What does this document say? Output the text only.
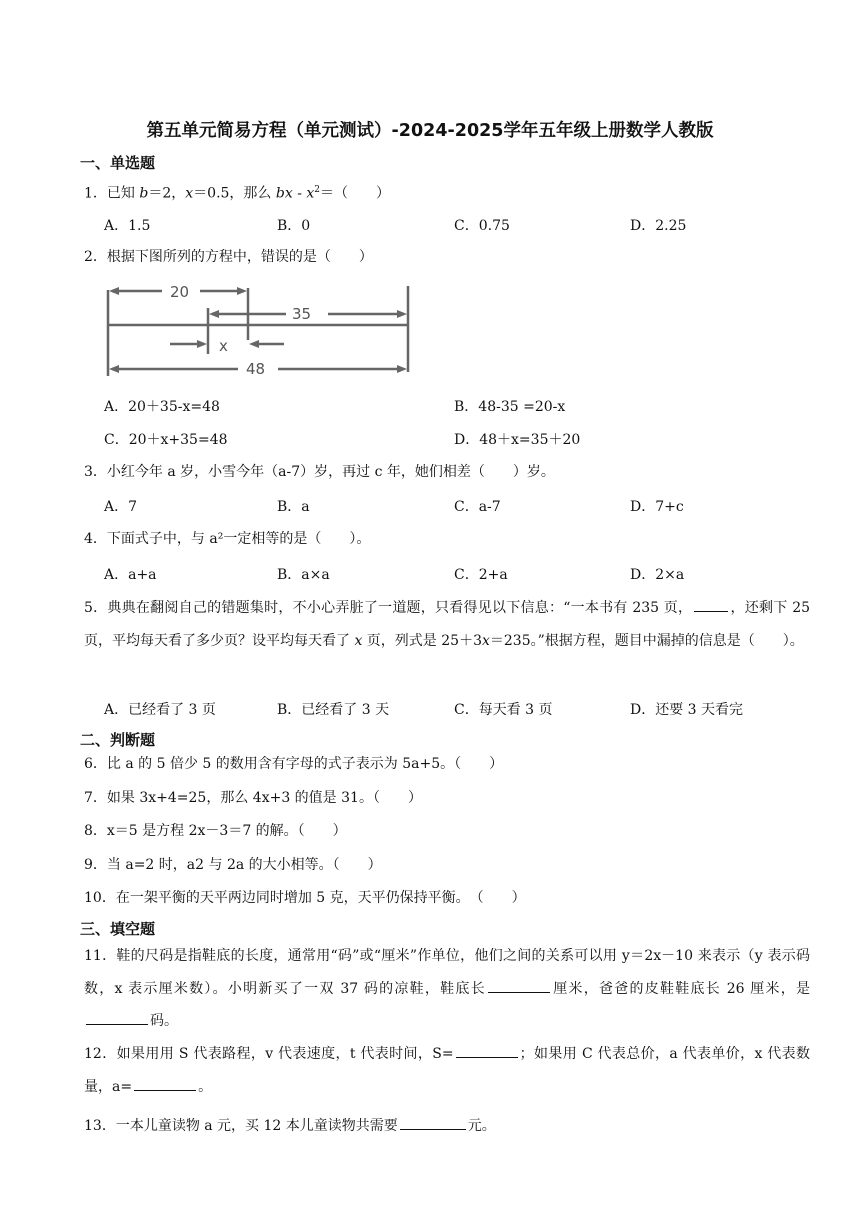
第五单元简易方程（单元测试）-2024-2025学年五年级上册数学人教版
一、单选题
1．已知 b＝2，x＝0.5，那么 bx - $x^2=$（　　）
A．1.5	B．0	C．0.75	D．2.25
2．根据下图所列的方程中，错误的是（　　）
20
35
x
48
A．20＋35-x=48	B．48-35 =20-x
C．20＋x+35=48	D．48＋x=35＋20
3．小红今年 a 岁，小雪今年（a-7）岁，再过 c 年，她们相差（　　）岁。
A．7	B．a	C．a-7	D．7+c
4．下面式子中，与 a²一定相等的是（　　）。
A．a+a	B．a×a	C．2+a	D．2×a
5．典典在翻阅自己的错题集时，不小心弄脏了一道题，只看得见以下信息：“一本书有 235 页，	，还剩下 25 页，平均每天看了多少页？设平均每天看了 x 页，列式是 25＋3x＝235。”根据方程，题目中漏掉的信息是（　　）。
A．已经看了 3 页	B．已经看了 3 天	C．每天看 3 页	D．还要 3 天看完
二、判断题
6．比 a 的 5 倍少 5 的数用含有字母的式子表示为 5a+5。（　　）
7．如果 3x+4=25，那么 4x+3 的值是 31。（　　）
8．x＝5 是方程 2x－3＝7 的解。（　　）
9．当 a=2 时，a2 与 2a 的大小相等。（　　）
10．在一架平衡的天平两边同时增加 5 克，天平仍保持平衡。　（　　）
三、填空题
11．鞋的尺码是指鞋底的长度，通常用“码”或“厘米”作单位，他们之间的关系可以用 y＝2x－10 来表示（y 表示码数，x 表示厘米数）。小明新买了一双 37 码的凉鞋，鞋底长	厘米，爸爸的皮鞋鞋底长 26 厘米，是码。
12．如果用用 S 代表路程，v 代表速度，t 代表时间，S=	；如果用 C 代表总价，a 代表单价，x 代表数量，a=	。
13．一本儿童读物 a 元，买 12 本儿童读物共需要	元。
